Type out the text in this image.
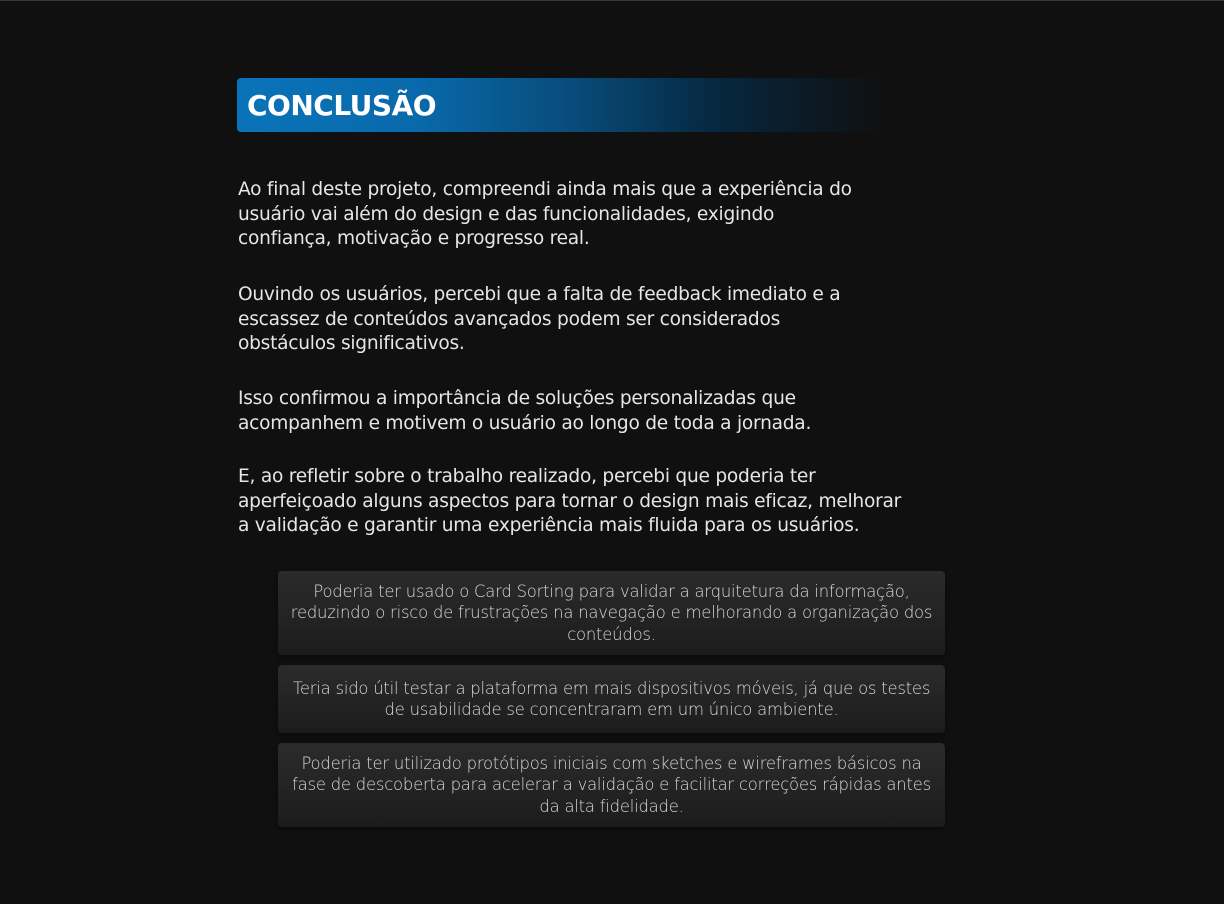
CONCLUSÃO

Ao final deste projeto, compreendi ainda mais que a experiência do
usuário vai além do design e das funcionalidades, exigindo
confiança, motivação e progresso real.

Ouvindo os usuários, percebi que a falta de feedback imediato e a
escassez de conteúdos avançados podem ser considerados
obstáculos significativos.

Isso confirmou a importância de soluções personalizadas que
acompanhem e motivem o usuário ao longo de toda a jornada.

E, ao refletir sobre o trabalho realizado, percebi que poderia ter
aperfeiçoado alguns aspectos para tornar o design mais eficaz, melhorar
a validação e garantir uma experiência mais fluida para os usuários.

Poderia ter usado o Card Sorting para validar a arquitetura da informação, reduzindo o risco de frustrações na navegação e melhorando a organização dos conteúdos.

Teria sido útil testar a plataforma em mais dispositivos móveis, já que os testes de usabilidade se concentraram em um único ambiente.

Poderia ter utilizado protótipos iniciais com sketches e wireframes básicos na fase de descoberta para acelerar a validação e facilitar correções rápidas antes da alta fidelidade.
